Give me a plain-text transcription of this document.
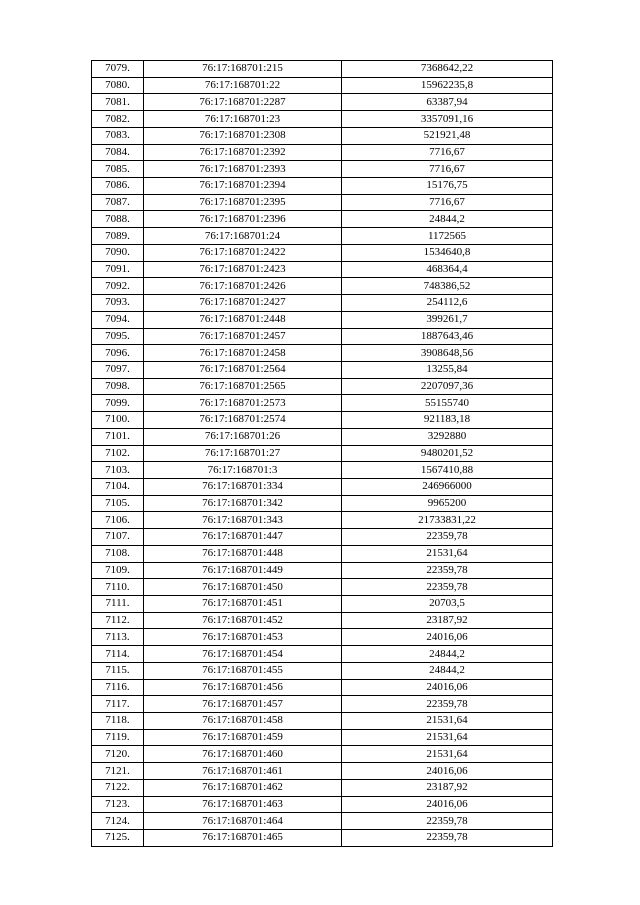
7079.	76:17:168701:215	7368642,22
7080.	76:17:168701:22	15962235,8
7081.	76:17:168701:2287	63387,94
7082.	76:17:168701:23	3357091,16
7083.	76:17:168701:2308	521921,48
7084.	76:17:168701:2392	7716,67
7085.	76:17:168701:2393	7716,67
7086.	76:17:168701:2394	15176,75
7087.	76:17:168701:2395	7716,67
7088.	76:17:168701:2396	24844,2
7089.	76:17:168701:24	1172565
7090.	76:17:168701:2422	1534640,8
7091.	76:17:168701:2423	468364,4
7092.	76:17:168701:2426	748386,52
7093.	76:17:168701:2427	254112,6
7094.	76:17:168701:2448	399261,7
7095.	76:17:168701:2457	1887643,46
7096.	76:17:168701:2458	3908648,56
7097.	76:17:168701:2564	13255,84
7098.	76:17:168701:2565	2207097,36
7099.	76:17:168701:2573	55155740
7100.	76:17:168701:2574	921183,18
7101.	76:17:168701:26	3292880
7102.	76:17:168701:27	9480201,52
7103.	76:17:168701:3	1567410,88
7104.	76:17:168701:334	246966000
7105.	76:17:168701:342	9965200
7106.	76:17:168701:343	21733831,22
7107.	76:17:168701:447	22359,78
7108.	76:17:168701:448	21531,64
7109.	76:17:168701:449	22359,78
7110.	76:17:168701:450	22359,78
7111.	76:17:168701:451	20703,5
7112.	76:17:168701:452	23187,92
7113.	76:17:168701:453	24016,06
7114.	76:17:168701:454	24844,2
7115.	76:17:168701:455	24844,2
7116.	76:17:168701:456	24016,06
7117.	76:17:168701:457	22359,78
7118.	76:17:168701:458	21531,64
7119.	76:17:168701:459	21531,64
7120.	76:17:168701:460	21531,64
7121.	76:17:168701:461	24016,06
7122.	76:17:168701:462	23187,92
7123.	76:17:168701:463	24016,06
7124.	76:17:168701:464	22359,78
7125.	76:17:168701:465	22359,78
